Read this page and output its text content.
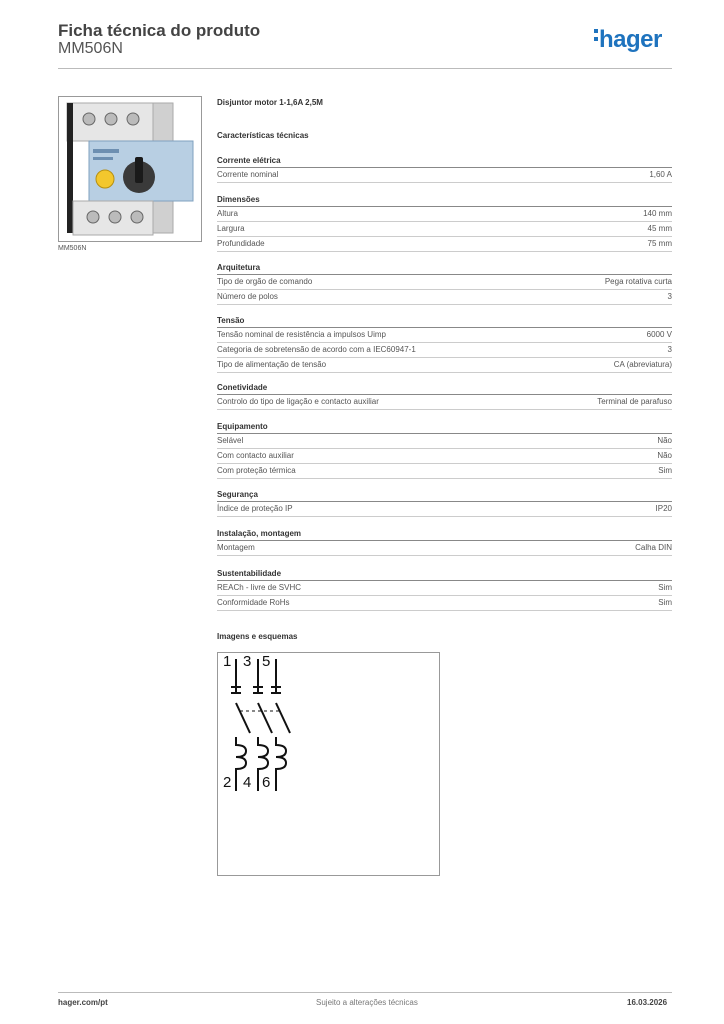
Ficha técnica do produto
MM506N	hager
MM506N
Disjuntor motor 1-1,6A 2,5M
Características técnicas
Corrente elétrica
Corrente nominal	1,60 A
Dimensões
Altura	140 mm
Largura	45 mm
Profundidade	75 mm
Arquitetura
Tipo de orgão de comando	Pega rotativa curta
Número de polos	3
Tensão
Tensão nominal de resistência a impulsos Uimp	6000 V
Categoria de sobretensão de acordo com a IEC60947-1	3
Tipo de alimentação de tensão	CA (abreviatura)
Conetividade
Controlo do tipo de ligação e contacto auxiliar	Terminal de parafuso
Equipamento
Selável	Não
Com contacto auxiliar	Não
Com proteção térmica	Sim
Segurança
Índice de proteção IP	IP20
Instalação, montagem
Montagem	Calha DIN
Sustentabilidade
REACh - livre de SVHC	Sim
Conformidade RoHs	Sim
Imagens e esquemas
1 3 5
2 4 6
hager.com/pt	Sujeito a alterações técnicas	16.03.2026
